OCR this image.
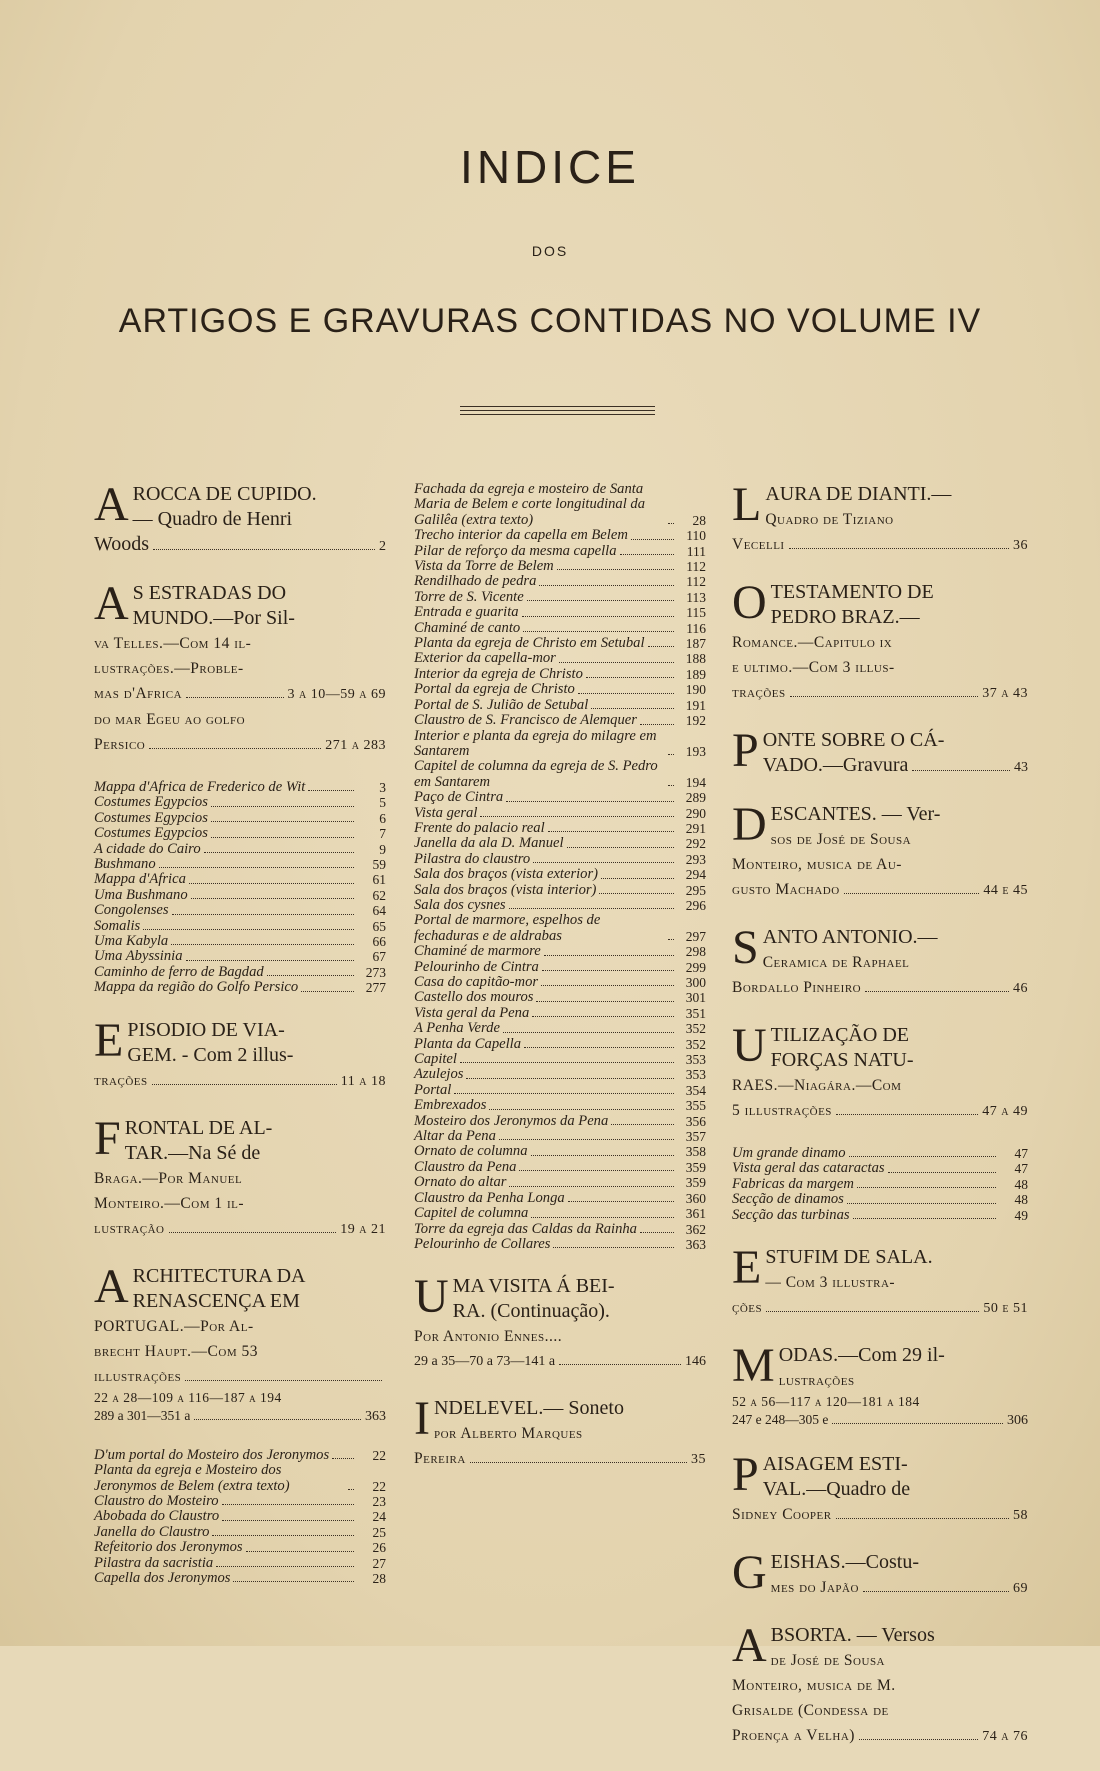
INDICE
DOS
ARTIGOS E GRAVURAS CONTIDAS NO VOLUME IV
A ROCCA DE CUPIDO.
— Quadro de Henri
Woods	2
A S ESTRADAS DO
MUNDO.—Por Sil-
va Telles.—Com 14 il-
lustrações.—Proble-
mas d'Africa	3 a 10—59 a 69
do mar Egeu ao golfo
Persico	271 a 283
Mappa d'Africa de Frederico de Wit	3
Costumes Egypcios	5
Costumes Egypcios	6
Costumes Egypcios	7
A cidade do Cairo	9
Bushmano	59
Mappa d'Africa	61
Uma Bushmano	62
Congolenses	64
Somalis	65
Uma Kabyla	66
Uma Abyssinia	67
Caminho de ferro de Bagdad	273
Mappa da região do Golfo Persico	277
E PISODIO DE VIA-
GEM. - Com 2 illus-
trações	11 a 18
F RONTAL DE AL-
TAR.—Na Sé de
Braga.—Por Manuel
Monteiro.—Com 1 il-
lustração	19 a 21
A RCHITECTURA DA
RENASCENÇA EM
PORTUGAL.—Por Al-
brecht Haupt.—Com 53
illustrações
22 a 28—109 a 116—187 a 194
289 a 301—351 a	363
D'um portal do Mosteiro dos Jeronymos	22
Planta da egreja e Mosteiro dos Jeronymos de Belem (extra texto)	22
Claustro do Mosteiro	23
Abobada do Claustro	24
Janella do Claustro	25
Refeitorio dos Jeronymos	26
Pilastra da sacristia	27
Capella dos Jeronymos	28
Fachada da egreja e mosteiro de Santa Maria de Belem e corte longitudinal da Galilêa (extra texto)	28
Trecho interior da capella em Belem	110
Pilar de reforço da mesma capella	111
Vista da Torre de Belem	112
Rendilhado de pedra	112
Torre de S. Vicente	113
Entrada e guarita	115
Chaminé de canto	116
Planta da egreja de Christo em Setubal	187
Exterior da capella-mor	188
Interior da egreja de Christo	189
Portal da egreja de Christo	190
Portal de S. Julião de Setubal	191
Claustro de S. Francisco de Alemquer	192
Interior e planta da egreja do milagre em Santarem	193
Capitel de columna da egreja de S. Pedro em Santarem	194
Paço de Cintra	289
Vista geral	290
Frente do palacio real	291
Janella da ala D. Manuel	292
Pilastra do claustro	293
Sala dos braços (vista exterior)	294
Sala dos braços (vista interior)	295
Sala dos cysnes	296
Portal de marmore, espelhos de fechaduras e de aldrabas	297
Chaminé de marmore	298
Pelourinho de Cintra	299
Casa do capitão-mor	300
Castello dos mouros	301
Vista geral da Pena	351
A Penha Verde	352
Planta da Capella	352
Capitel	353
Azulejos	353
Portal	354
Embrexados	355
Mosteiro dos Jeronymos da Pena	356
Altar da Pena	357
Ornato de columna	358
Claustro da Pena	359
Ornato do altar	359
Claustro da Penha Longa	360
Capitel de columna	361
Torre da egreja das Caldas da Rainha	362
Pelourinho de Collares	363
U MA VISITA Á BEI-
RA. (Continuação).
Por Antonio Ennes....
29 a 35—70 a 73—141 a	146
I NDELEVEL.— Soneto
por Alberto Marques
Pereira	35
L AURA DE DIANTI.—
Quadro de Tiziano
Vecelli	36
O TESTAMENTO DE
PEDRO BRAZ.—
Romance.—Capitulo ix
e ultimo.—Com 3 illus-
trações	37 a 43
P ONTE SOBRE O CÁ-
VADO.—Gravura	43
D ESCANTES. — Ver-
sos de José de Sousa
Monteiro, musica de Au-
gusto Machado	44 e 45
S ANTO ANTONIO.—
Ceramica de Raphael
Bordallo Pinheiro	46
U TILIZAÇÃO DE
FORÇAS NATU-
RAES.—Niagára.—Com
5 illustrações	47 a 49
Um grande dinamo	47
Vista geral das cataractas	47
Fabricas da margem	48
Secção de dinamos	48
Secção das turbinas	49
E STUFIM DE SALA.
— Com 3 illustra-
ções	50 e 51
M ODAS.—Com 29 il-
lustrações
52 a 56—117 a 120—181 a 184
247 e 248—305 e	306
P AISAGEM ESTI-
VAL.—Quadro de
Sidney Cooper	58
G EISHAS.—Costu-
mes do Japão	69
A BSORTA. — Versos
de José de Sousa
Monteiro, musica de M.
Grisalde (Condessa de
Proença a Velha)	74 a 76
